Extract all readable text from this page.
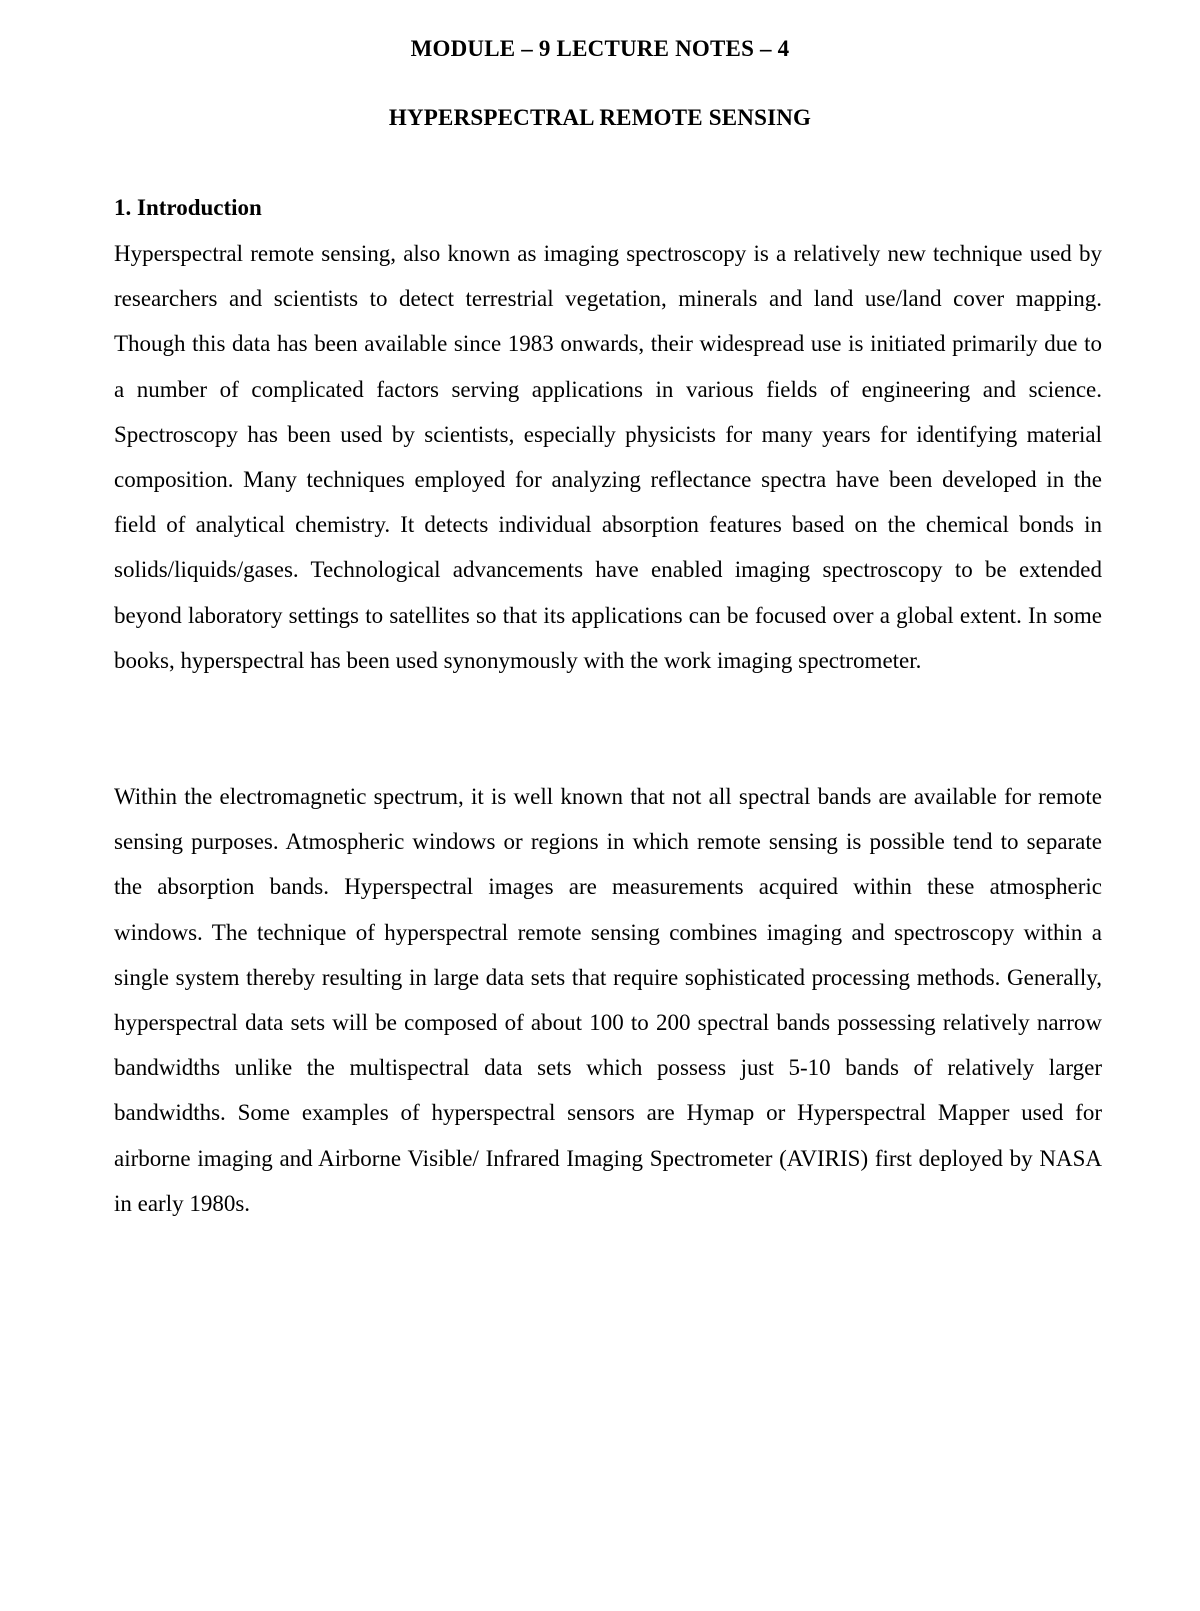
MODULE – 9 LECTURE NOTES – 4
HYPERSPECTRAL REMOTE SENSING
1. Introduction

Hyperspectral remote sensing, also known as imaging spectroscopy is a relatively new technique used by researchers and scientists to detect terrestrial vegetation, minerals and land use/land cover mapping. Though this data has been available since 1983 onwards, their widespread use is initiated primarily due to a number of complicated factors serving applications in various fields of engineering and science. Spectroscopy has been used by scientists, especially physicists for many years for identifying material composition. Many techniques employed for analyzing reflectance spectra have been developed in the field of analytical chemistry. It detects individual absorption features based on the chemical bonds in solids/liquids/gases. Technological advancements have enabled imaging spectroscopy to be extended beyond laboratory settings to satellites so that its applications can be focused over a global extent. In some books, hyperspectral has been used synonymously with the work imaging spectrometer.

Within the electromagnetic spectrum, it is well known that not all spectral bands are available for remote sensing purposes. Atmospheric windows or regions in which remote sensing is possible tend to separate the absorption bands. Hyperspectral images are measurements acquired within these atmospheric windows. The technique of hyperspectral remote sensing combines imaging and spectroscopy within a single system thereby resulting in large data sets that require sophisticated processing methods. Generally, hyperspectral data sets will be composed of about 100 to 200 spectral bands possessing relatively narrow bandwidths unlike the multispectral data sets which possess just 5-10 bands of relatively larger bandwidths. Some examples of hyperspectral sensors are Hymap or Hyperspectral Mapper used for airborne imaging and Airborne Visible/ Infrared Imaging Spectrometer (AVIRIS) first deployed by NASA in early 1980s.
